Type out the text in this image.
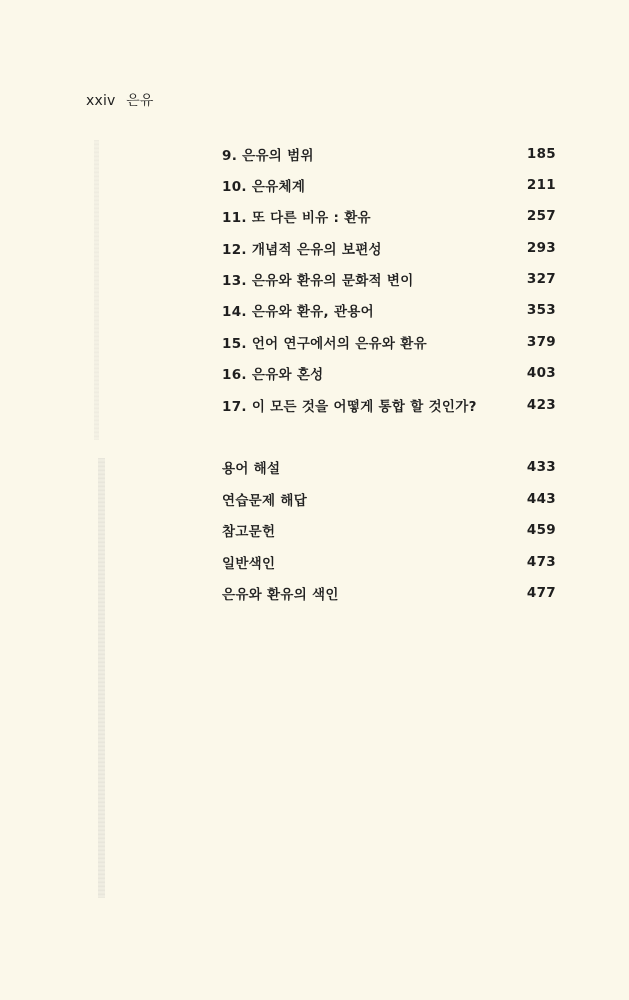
xxiv 은유
9. 은유의 범위	185
10. 은유체계	211
11. 또 다른 비유 : 환유	257
12. 개념적 은유의 보편성	293
13. 은유와 환유의 문화적 변이	327
14. 은유와 환유, 관용어	353
15. 언어 연구에서의 은유와 환유	379
16. 은유와 혼성	403
17. 이 모든 것을 어떻게 통합 할 것인가?	423
용어 해설	433
연습문제 해답	443
참고문헌	459
일반색인	473
은유와 환유의 색인	477
